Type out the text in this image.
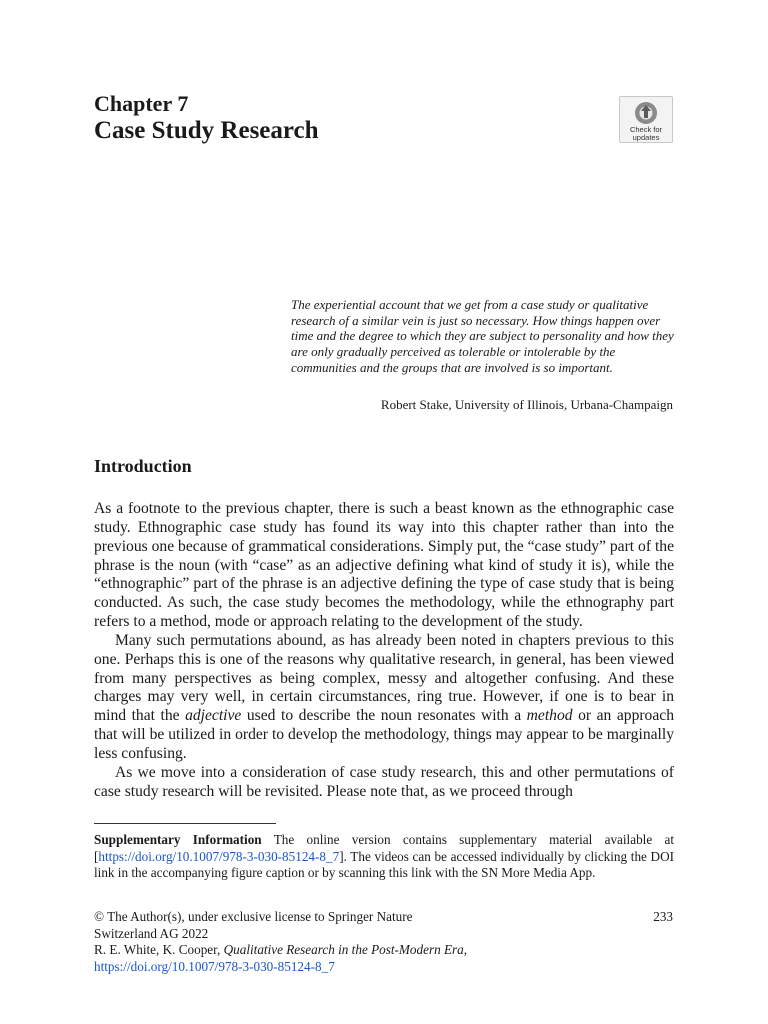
Chapter 7
Case Study Research	Check for
updates
The experiential account that we get from a case study or qualitative research of a similar vein is just so necessary. How things happen over time and the degree to which they are subject to personality and how they are only gradually perceived as tolerable or intolerable by the communities and the groups that are involved is so important.
Robert Stake, University of Illinois, Urbana-Champaign
Introduction

As a footnote to the previous chapter, there is such a beast known as the ethnographic case study. Ethnographic case study has found its way into this chapter rather than into the previous one because of grammatical considerations. Simply put, the “case study” part of the phrase is the noun (with “case” as an adjective defining what kind of study it is), while the “ethnographic” part of the phrase is an adjective defining the type of case study that is being conducted. As such, the case study becomes the methodology, while the ethnography part refers to a method, mode or approach relating to the development of the study.

Many such permutations abound, as has already been noted in chapters previous to this one. Perhaps this is one of the reasons why qualitative research, in general, has been viewed from many perspectives as being complex, messy and altogether confusing. And these charges may very well, in certain circumstances, ring true. However, if one is to bear in mind that the adjective used to describe the noun resonates with a method or an approach that will be utilized in order to develop the methodology, things may appear to be marginally less confusing.

As we move into a consideration of case study research, this and other permutations of case study research will be revisited. Please note that, as we proceed through

Supplementary Information The online version contains supplementary material available at [https://doi.org/10.1007/978-3-030-85124-8_7]. The videos can be accessed individually by clicking the DOI link in the accompanying figure caption or by scanning this link with the SN More Media App.
© The Author(s), under exclusive license to Springer Nature
Switzerland AG 2022
R. E. White, K. Cooper, Qualitative Research in the Post-Modern Era,
https://doi.org/10.1007/978-3-030-85124-8_7
233
